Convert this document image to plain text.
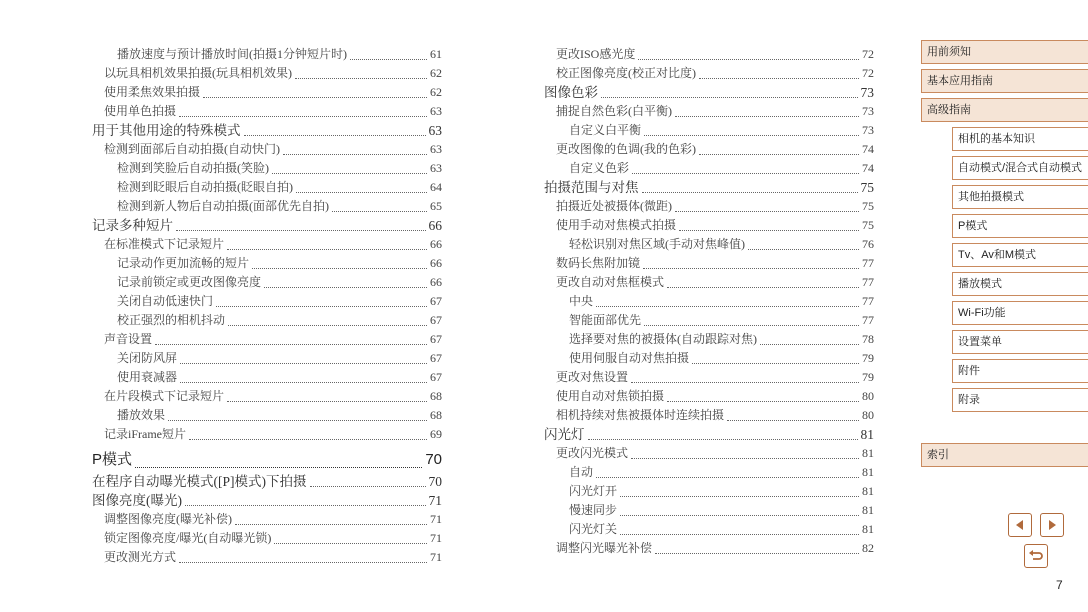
播放速度与预计播放时间(拍摄1分钟短片时)	61
以玩具相机效果拍摄(玩具相机效果)	62
使用柔焦效果拍摄	62
使用单色拍摄	63
用于其他用途的特殊模式	63
检测到面部后自动拍摄(自动快门)	63
检测到笑脸后自动拍摄(笑脸)	63
检测到眨眼后自动拍摄(眨眼自拍)	64
检测到新人物后自动拍摄(面部优先自拍)	65
记录多种短片	66
在标准模式下记录短片	66
记录动作更加流畅的短片	66
记录前锁定或更改图像亮度	66
关闭自动低速快门	67
校正强烈的相机抖动	67
声音设置	67
关闭防风屏	67
使用衰减器	67
在片段模式下记录短片	68
播放效果	68
记录iFrame短片	69
P模式	70
在程序自动曝光模式([P]模式)下拍摄	70
图像亮度(曝光)	71
调整图像亮度(曝光补偿)	71
锁定图像亮度/曝光(自动曝光锁)	71
更改测光方式	71
更改ISO感光度	72
校正图像亮度(校正对比度)	72
图像色彩	73
捕捉自然色彩(白平衡)	73
自定义白平衡	73
更改图像的色调(我的色彩)	74
自定义色彩	74
拍摄范围与对焦	75
拍摄近处被摄体(微距)	75
使用手动对焦模式拍摄	75
轻松识别对焦区域(手动对焦峰值)	76
数码长焦附加镜	77
更改自动对焦框模式	77
中央	77
智能面部优先	77
选择要对焦的被摄体(自动跟踪对焦)	78
使用伺服自动对焦拍摄	79
更改对焦设置	79
使用自动对焦锁拍摄	80
相机持续对焦被摄体时连续拍摄	80
闪光灯	81
更改闪光模式	81
自动	81
闪光灯开	81
慢速同步	81
闪光灯关	81
调整闪光曝光补偿	82
用前须知
基本应用指南
高级指南
相机的基本知识
自动模式/混合式自动模式
其他拍摄模式
P模式
Tv、Av和M模式
播放模式
Wi-Fi功能
设置菜单
附件
附录
索引
7
